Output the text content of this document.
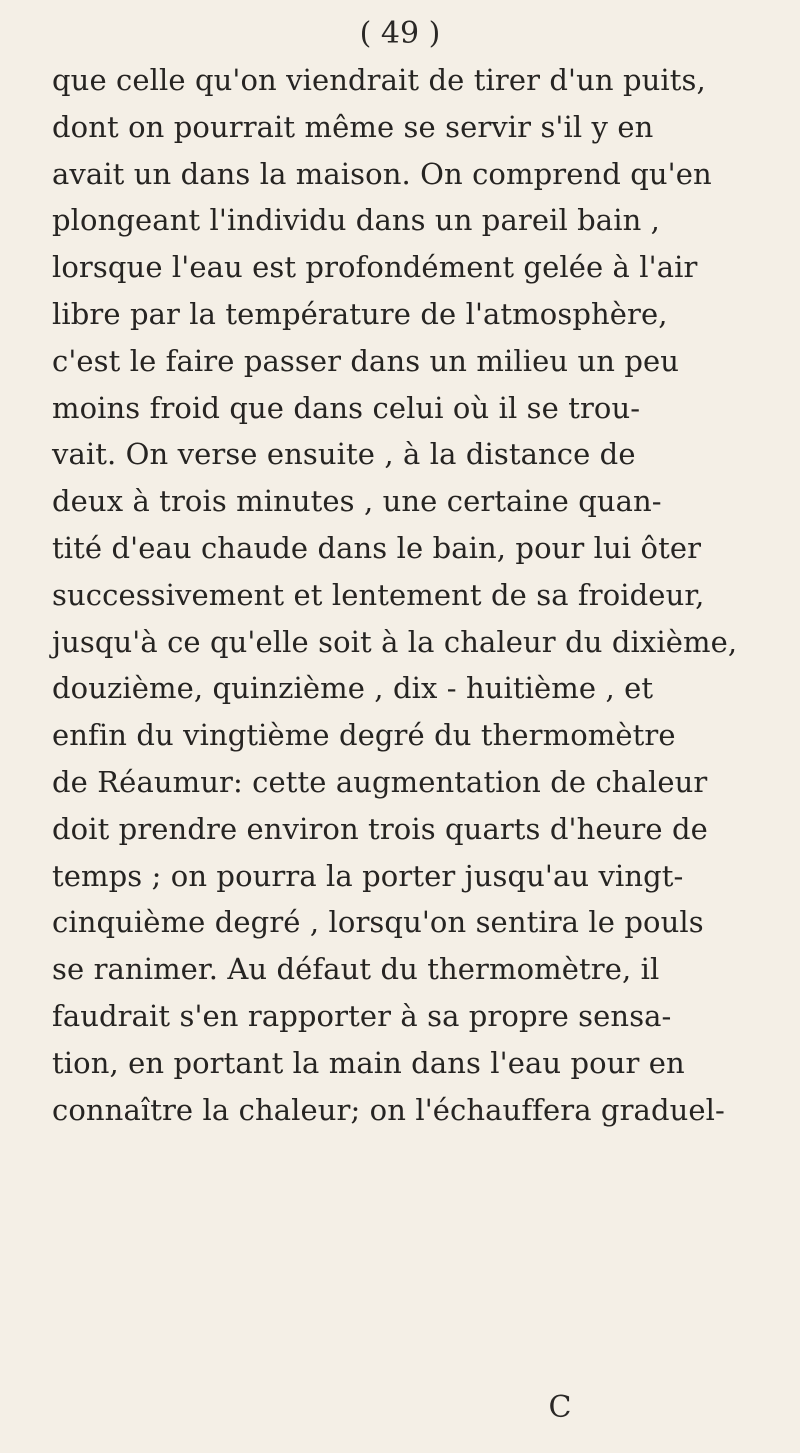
( 49 )
que celle qu'on viendrait de tirer d'un puits,
dont on pourrait même se servir s'il y en
avait un dans la maison. On comprend qu'en
plongeant l'individu dans un pareil bain ,
lorsque l'eau est profondément gelée à l'air
libre par la température de l'atmosphère,
c'est le faire passer dans un milieu un peu
moins froid que dans celui où il se trou-
vait. On verse ensuite , à la distance de
deux à trois minutes , une certaine quan-
tité d'eau chaude dans le bain, pour lui ôter
successivement et lentement de sa froideur,
jusqu'à ce qu'elle soit à la chaleur du dixième,
douzième, quinzième , dix - huitième , et
enfin du vingtième degré du thermomètre
de Réaumur: cette augmentation de chaleur
doit prendre environ trois quarts d'heure de
temps ; on pourra la porter jusqu'au vingt-
cinquième degré , lorsqu'on sentira le pouls
se ranimer. Au défaut du thermomètre, il
faudrait s'en rapporter à sa propre sensa-
tion, en portant la main dans l'eau pour en
connaître la chaleur; on l'échauffera graduel-
C
